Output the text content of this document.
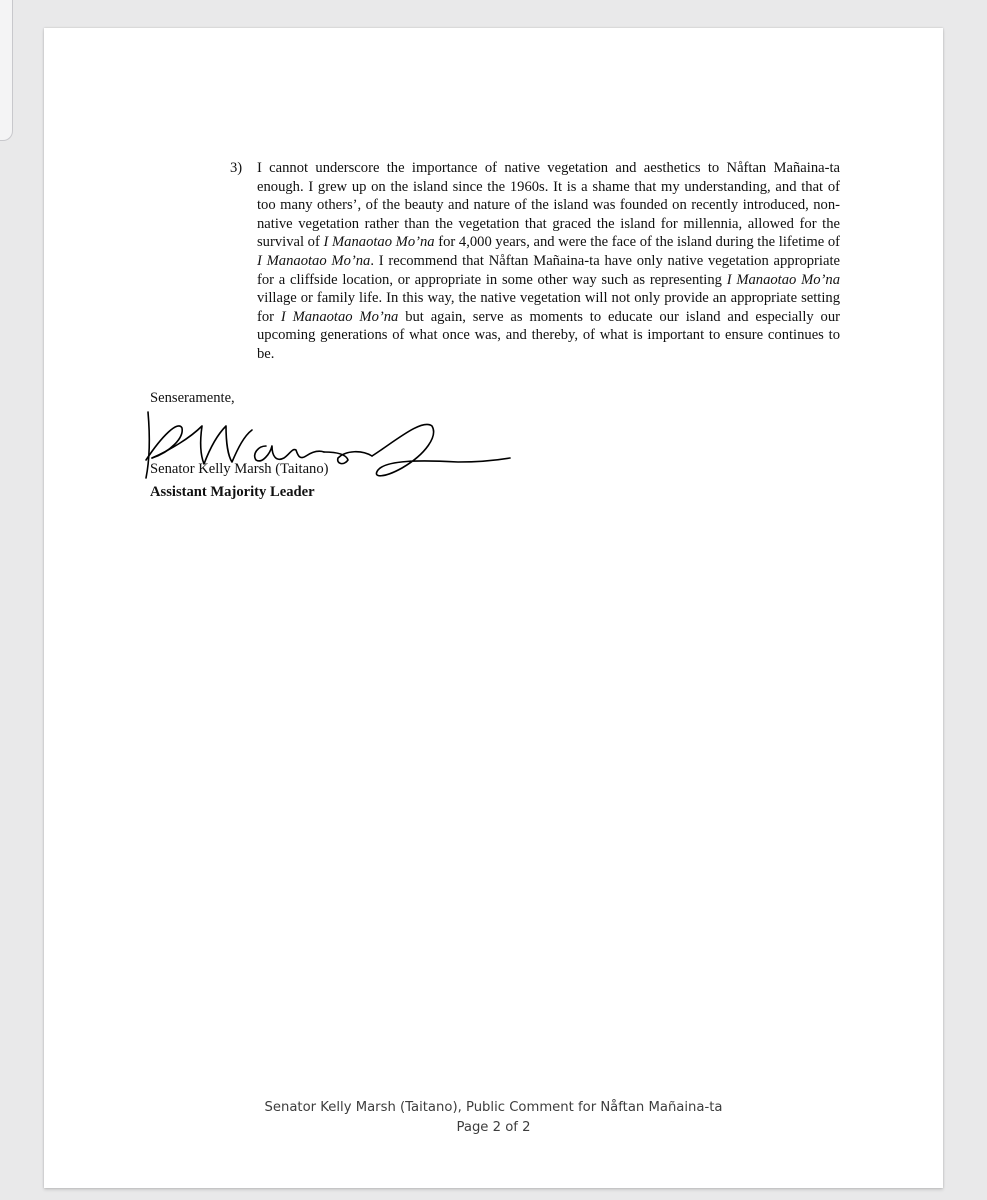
3)	I cannot underscore the importance of native vegetation and aesthetics to Nåftan Mañaina-ta enough. I grew up on the island since the 1960s. It is a shame that my understanding, and that of too many others’, of the beauty and nature of the island was founded on recently introduced, non-native vegetation rather than the vegetation that graced the island for millennia, allowed for the survival of I Manaotao Mo’na for 4,000 years, and were the face of the island during the lifetime of I Manaotao Mo’na. I recommend that Nåftan Mañaina-ta have only native vegetation appropriate for a cliffside location, or appropriate in some other way such as representing I Manaotao Mo’na village or family life. In this way, the native vegetation will not only provide an appropriate setting for I Manaotao Mo’na but again, serve as moments to educate our island and especially our upcoming generations of what once was, and thereby, of what is important to ensure continues to be.

Senseramente,
Senator Kelly Marsh (Taitano)
Assistant Majority Leader
Senator Kelly Marsh (Taitano), Public Comment for Nåftan Mañaina-ta
Page 2 of 2
